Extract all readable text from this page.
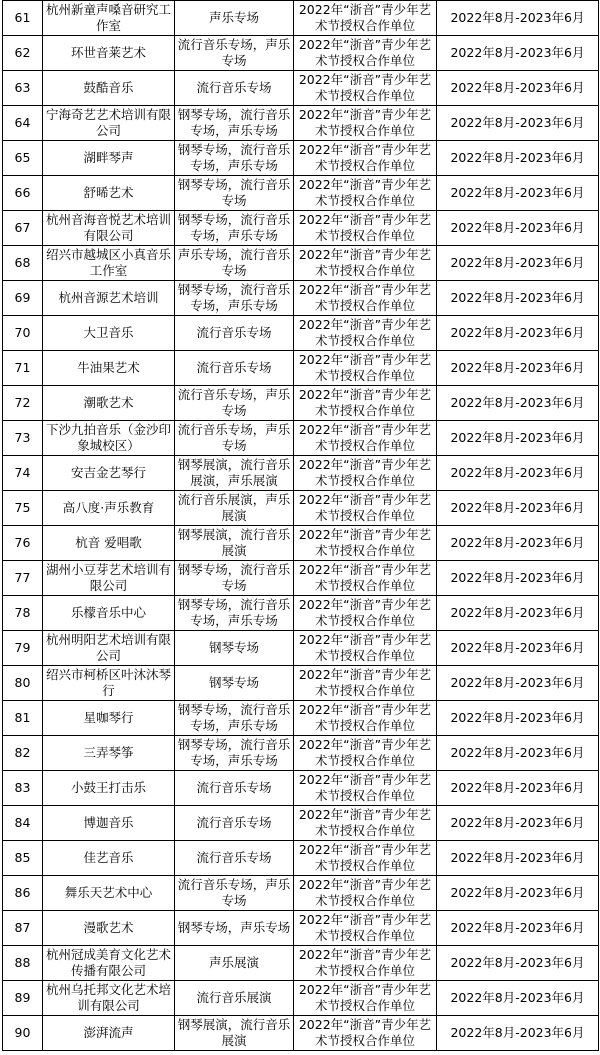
61	杭州新童声嗓音研究工作室	声乐专场	2022年“浙音”青少年艺术节授权合作单位	2022年8月-2023年6月
62	环世音莱艺术	流行音乐专场，声乐专场	2022年“浙音”青少年艺术节授权合作单位	2022年8月-2023年6月
63	鼓酷音乐	流行音乐专场	2022年“浙音”青少年艺术节授权合作单位	2022年8月-2023年6月
64	宁海奇艺艺术培训有限公司	钢琴专场，流行音乐专场，声乐专场	2022年“浙音”青少年艺术节授权合作单位	2022年8月-2023年6月
65	湖畔琴声	钢琴专场，流行音乐专场，声乐专场	2022年“浙音”青少年艺术节授权合作单位	2022年8月-2023年6月
66	舒晞艺术	钢琴专场，流行音乐专场	2022年“浙音”青少年艺术节授权合作单位	2022年8月-2023年6月
67	杭州音海音悦艺术培训有限公司	钢琴专场，流行音乐专场，声乐专场	2022年“浙音”青少年艺术节授权合作单位	2022年8月-2023年6月
68	绍兴市越城区小真音乐工作室	声乐专场，流行音乐专场	2022年“浙音”青少年艺术节授权合作单位	2022年8月-2023年6月
69	杭州音源艺术培训	钢琴专场，流行音乐专场，声乐专场	2022年“浙音”青少年艺术节授权合作单位	2022年8月-2023年6月
70	大卫音乐	流行音乐专场	2022年“浙音”青少年艺术节授权合作单位	2022年8月-2023年6月
71	牛油果艺术	流行音乐专场	2022年“浙音”青少年艺术节授权合作单位	2022年8月-2023年6月
72	潮歌艺术	流行音乐专场，声乐专场	2022年“浙音”青少年艺术节授权合作单位	2022年8月-2023年6月
73	下沙九拍音乐（金沙印象城校区）	流行音乐专场，声乐专场	2022年“浙音”青少年艺术节授权合作单位	2022年8月-2023年6月
74	安吉金艺琴行	钢琴展演，流行音乐展演，声乐展演	2022年“浙音”青少年艺术节授权合作单位	2022年8月-2023年6月
75	高八度·声乐教育	流行音乐展演，声乐展演	2022年“浙音”青少年艺术节授权合作单位	2022年8月-2023年6月
76	杭音 爱唱歌	钢琴展演，流行音乐展演	2022年“浙音”青少年艺术节授权合作单位	2022年8月-2023年6月
77	湖州小豆芽艺术培训有限公司	钢琴专场，流行音乐专场	2022年“浙音”青少年艺术节授权合作单位	2022年8月-2023年6月
78	乐檬音乐中心	钢琴专场，流行音乐专场，声乐专场	2022年“浙音”青少年艺术节授权合作单位	2022年8月-2023年6月
79	杭州明阳艺术培训有限公司	钢琴专场	2022年“浙音”青少年艺术节授权合作单位	2022年8月-2023年6月
80	绍兴市柯桥区叶沐沐琴行	钢琴专场	2022年“浙音”青少年艺术节授权合作单位	2022年8月-2023年6月
81	星咖琴行	钢琴专场，流行音乐专场，声乐专场	2022年“浙音”青少年艺术节授权合作单位	2022年8月-2023年6月
82	三弄琴筝	钢琴专场，流行音乐专场，声乐专场	2022年“浙音”青少年艺术节授权合作单位	2022年8月-2023年6月
83	小鼓王打击乐	流行音乐专场	2022年“浙音”青少年艺术节授权合作单位	2022年8月-2023年6月
84	博迦音乐	流行音乐专场	2022年“浙音”青少年艺术节授权合作单位	2022年8月-2023年6月
85	佳艺音乐	流行音乐专场	2022年“浙音”青少年艺术节授权合作单位	2022年8月-2023年6月
86	舞乐天艺术中心	流行音乐专场，声乐专场	2022年“浙音”青少年艺术节授权合作单位	2022年8月-2023年6月
87	漫歌艺术	钢琴专场，声乐专场	2022年“浙音”青少年艺术节授权合作单位	2022年8月-2023年6月
88	杭州冠成美育文化艺术传播有限公司	声乐展演	2022年“浙音”青少年艺术节授权合作单位	2022年8月-2023年6月
89	杭州乌托邦文化艺术培训有限公司	流行音乐展演	2022年“浙音”青少年艺术节授权合作单位	2022年8月-2023年6月
90	澎湃流声	钢琴展演，流行音乐展演	2022年“浙音”青少年艺术节授权合作单位	2022年8月-2023年6月
